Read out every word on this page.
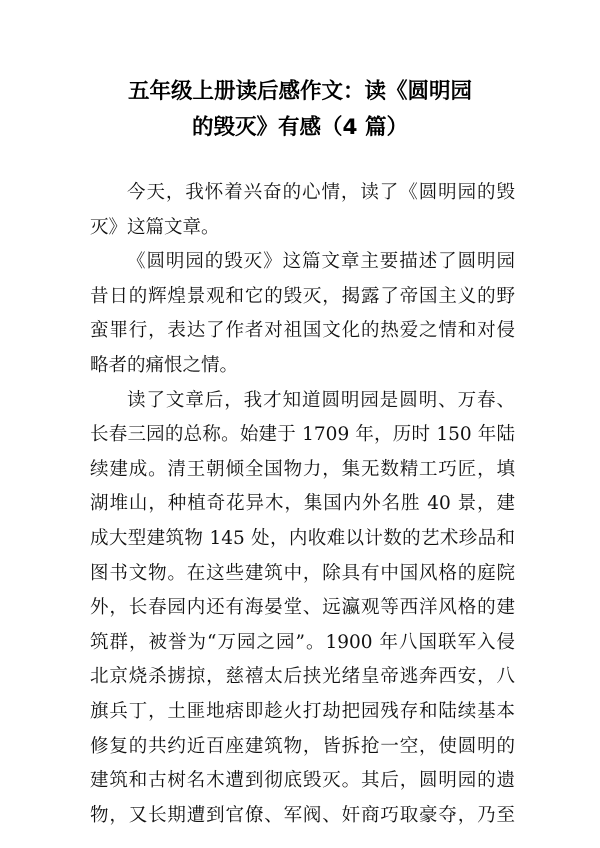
五年级上册读后感作文：读《圆明园
的毁灭》有感（4 篇）

今天，我怀着兴奋的心情，读了《圆明园的毁
灭》这篇文章。

《圆明园的毁灭》这篇文章主要描述了圆明园
昔日的辉煌景观和它的毁灭，揭露了帝国主义的野
蛮罪行，表达了作者对祖国文化的热爱之情和对侵
略者的痛恨之情。

读了文章后，我才知道圆明园是圆明、万春、
长春三园的总称。始建于 1709 年，历时 150 年陆
续建成。清王朝倾全国物力，集无数精工巧匠，填
湖堆山，种植奇花异木，集国内外名胜 40 景，建
成大型建筑物 145 处，内收难以计数的艺术珍品和
图书文物。在这些建筑中，除具有中国风格的庭院
外，长春园内还有海晏堂、远瀛观等西洋风格的建
筑群，被誉为“万园之园”。1900 年八国联军入侵
北京烧杀掳掠，慈禧太后挟光绪皇帝逃奔西安，八
旗兵丁，土匪地痞即趁火打劫把园残存和陆续基本
修复的共约近百座建筑物，皆拆抢一空，使圆明的
建筑和古树名木遭到彻底毁灭。其后，圆明园的遗
物，又长期遭到官僚、军阀、奸商巧取豪夺，乃至
